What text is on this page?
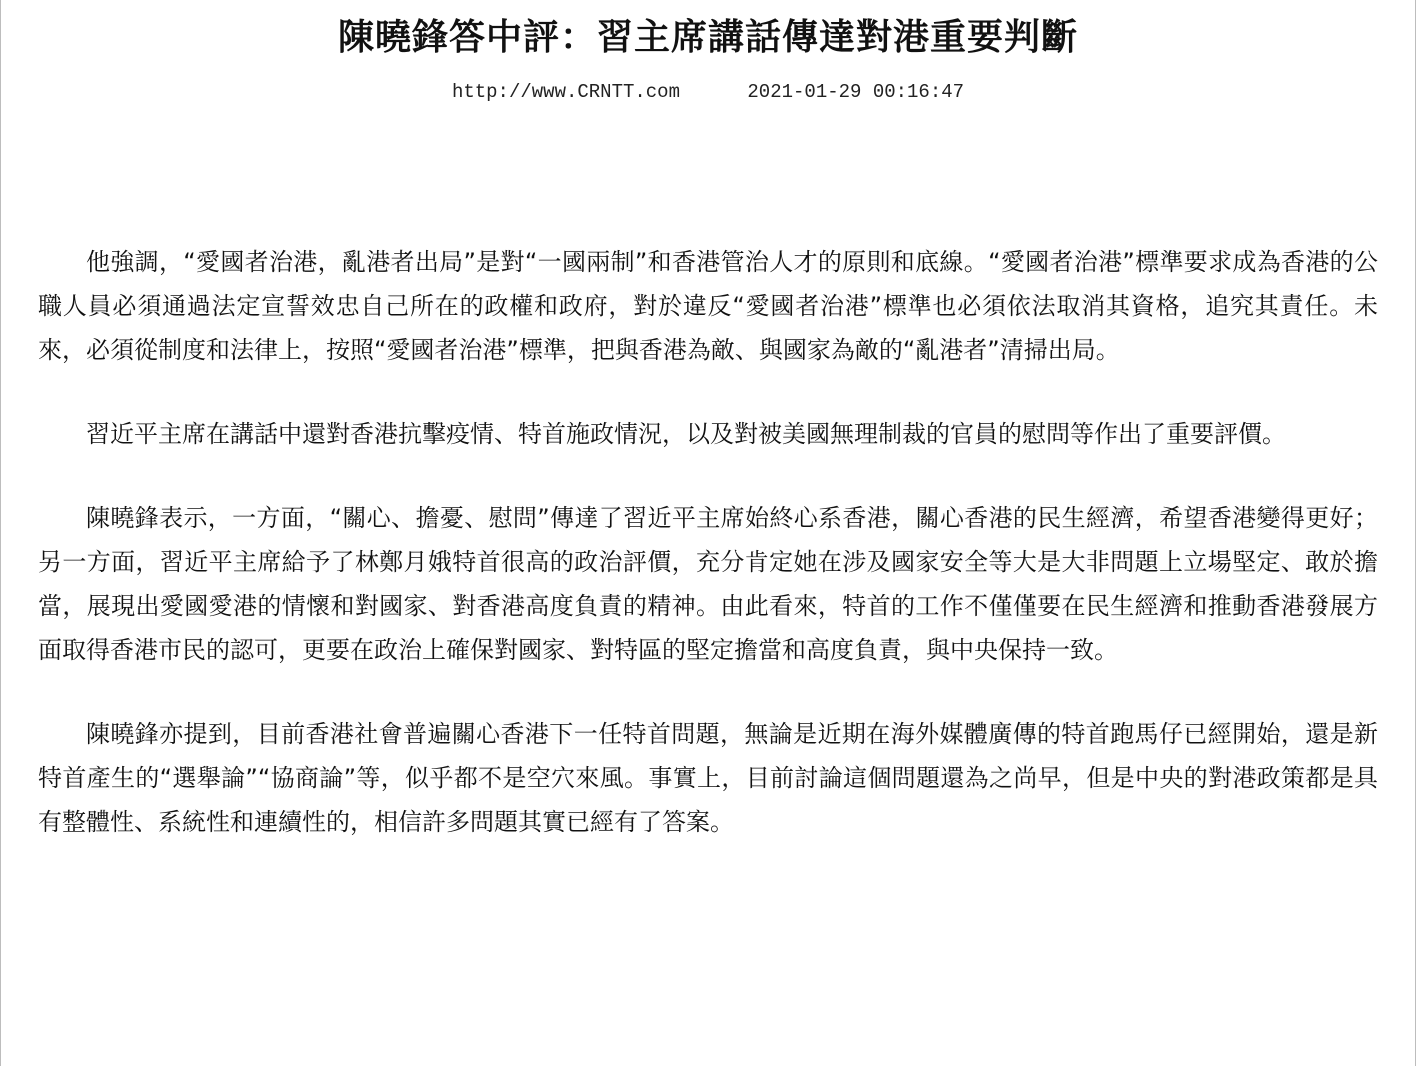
陳曉鋒答中評：習主席講話傳達對港重要判斷
http://www.CRNTT.com	2021-01-29 00:16:47

他強調，“愛國者治港，亂港者出局”是對“一國兩制”和香港管治人才的原則和底線。“愛國者治港”標準要求成為香港的公職人員必須通過法定宣誓效忠自己所在的政權和政府，對於違反“愛國者治港”標準也必須依法取消其資格，追究其責任。未來，必須從制度和法律上，按照“愛國者治港”標準，把與香港為敵、與國家為敵的“亂港者”清掃出局。

習近平主席在講話中還對香港抗擊疫情、特首施政情況，以及對被美國無理制裁的官員的慰問等作出了重要評價。

陳曉鋒表示，一方面，“關心、擔憂、慰問”傳達了習近平主席始終心系香港，關心香港的民生經濟，希望香港變得更好；另一方面，習近平主席給予了林鄭月娥特首很高的政治評價，充分肯定她在涉及國家安全等大是大非問題上立場堅定、敢於擔當，展現出愛國愛港的情懷和對國家、對香港高度負責的精神。由此看來，特首的工作不僅僅要在民生經濟和推動香港發展方面取得香港市民的認可，更要在政治上確保對國家、對特區的堅定擔當和高度負責，與中央保持一致。

陳曉鋒亦提到，目前香港社會普遍關心香港下一任特首問題，無論是近期在海外媒體廣傳的特首跑馬仔已經開始，還是新特首產生的“選舉論”“協商論”等，似乎都不是空穴來風。事實上，目前討論這個問題還為之尚早，但是中央的對港政策都是具有整體性、系統性和連續性的，相信許多問題其實已經有了答案。
